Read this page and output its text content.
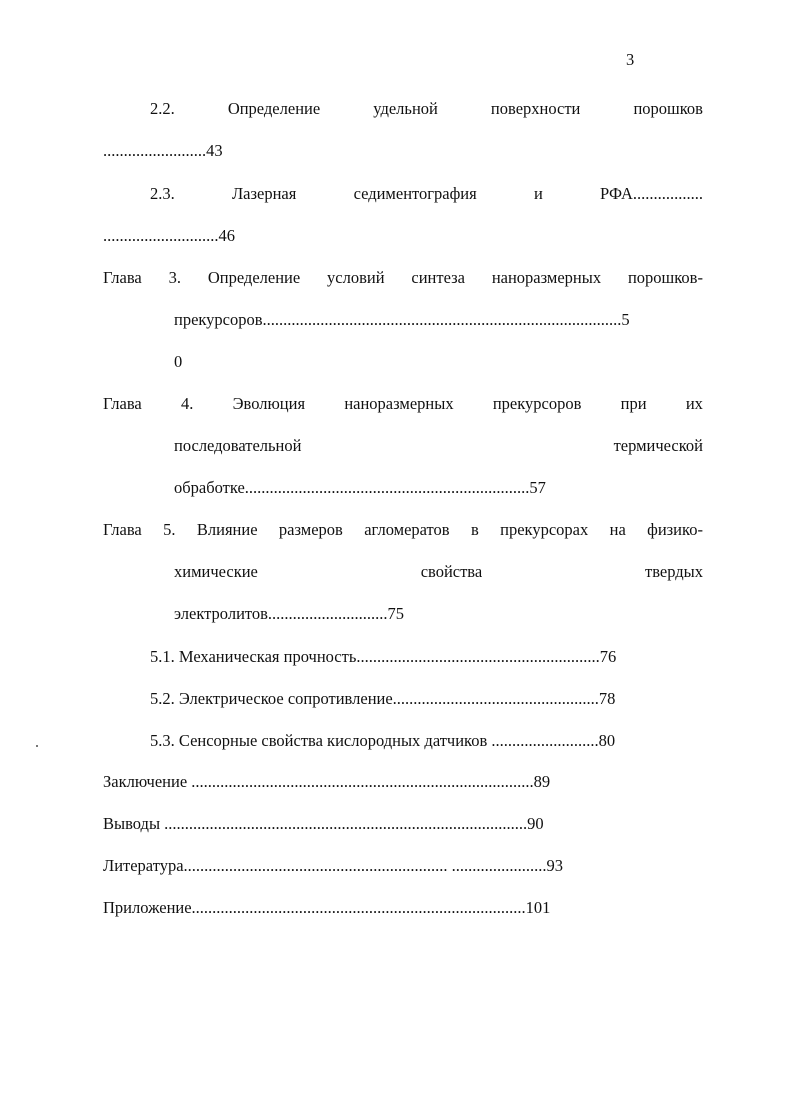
3
2.2.	Определение	удельной	поверхности	порошков
.........................43
2.3.	Лазерная	седиментография	и	РФА.................
............................46
Глава 3. Определение условий синтеза наноразмерных порошков-
прекурсоров.......................................................................................5
0
Глава 4. Эволюция наноразмерных прекурсоров при их
последовательной	термической
обработке.....................................................................57
Глава 5. Влияние размеров агломератов в прекурсорах на физико-
химические	свойства	твердых
электролитов.............................75
5.1. Механическая прочность...........................................................76
5.2. Электрическое сопротивление..................................................78
5.3. Сенсорные свойства кислородных датчиков ..........................80
Заключение ...................................................................................89
Выводы ........................................................................................90
Литература................................................................ .......................93
Приложение.................................................................................101
